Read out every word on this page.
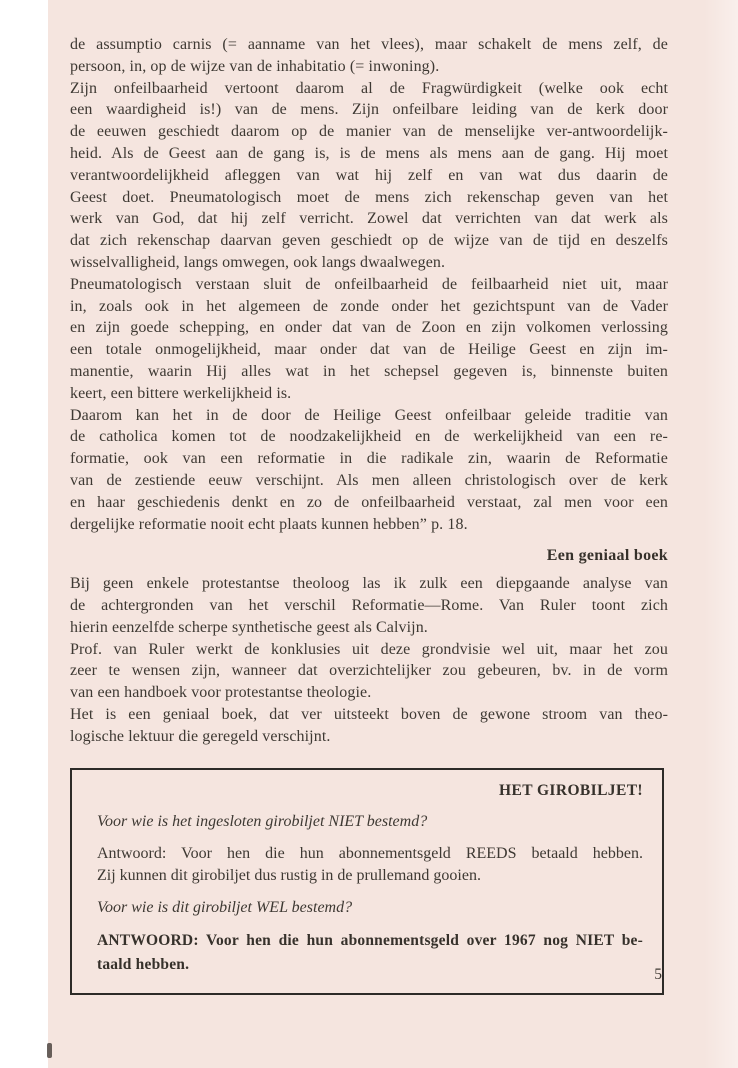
de assumptio carnis (= aanname van het vlees), maar schakelt de mens zelf, de
persoon, in, op de wijze van de inhabitatio (= inwoning).
Zijn onfeilbaarheid vertoont daarom al de Fragwürdigkeit (welke ook echt
een waardigheid is!) van de mens. Zijn onfeilbare leiding van de kerk door
de eeuwen geschiedt daarom op de manier van de menselijke ver-antwoordelijk-
heid. Als de Geest aan de gang is, is de mens als mens aan de gang. Hij moet
verantwoordelijkheid afleggen van wat hij zelf en van wat dus daarin de
Geest doet. Pneumatologisch moet de mens zich rekenschap geven van het
werk van God, dat hij zelf verricht. Zowel dat verrichten van dat werk als
dat zich rekenschap daarvan geven geschiedt op de wijze van de tijd en deszelfs
wisselvalligheid, langs omwegen, ook langs dwaalwegen.
Pneumatologisch verstaan sluit de onfeilbaarheid de feilbaarheid niet uit, maar
in, zoals ook in het algemeen de zonde onder het gezichtspunt van de Vader
en zijn goede schepping, en onder dat van de Zoon en zijn volkomen verlossing
een totale onmogelijkheid, maar onder dat van de Heilige Geest en zijn im-
manentie, waarin Hij alles wat in het schepsel gegeven is, binnenste buiten
keert, een bittere werkelijkheid is.
Daarom kan het in de door de Heilige Geest onfeilbaar geleide traditie van
de catholica komen tot de noodzakelijkheid en de werkelijkheid van een re-
formatie, ook van een reformatie in die radikale zin, waarin de Reformatie
van de zestiende eeuw verschijnt. Als men alleen christologisch over de kerk
en haar geschiedenis denkt en zo de onfeilbaarheid verstaat, zal men voor een
dergelijke reformatie nooit echt plaats kunnen hebben” p. 18.
Een geniaal boek
Bij geen enkele protestantse theoloog las ik zulk een diepgaande analyse van
de achtergronden van het verschil Reformatie—Rome. Van Ruler toont zich
hierin eenzelfde scherpe synthetische geest als Calvijn.
Prof. van Ruler werkt de konklusies uit deze grondvisie wel uit, maar het zou
zeer te wensen zijn, wanneer dat overzichtelijker zou gebeuren, bv. in de vorm
van een handboek voor protestantse theologie.
Het is een geniaal boek, dat ver uitsteekt boven de gewone stroom van theo-
logische lektuur die geregeld verschijnt.
HET GIROBILJET!
Voor wie is het ingesloten girobiljet NIET bestemd?
Antwoord: Voor hen die hun abonnementsgeld REEDS betaald hebben.
Zij kunnen dit girobiljet dus rustig in de prullemand gooien.
Voor wie is dit girobiljet WEL bestemd?
ANTWOORD: Voor hen die hun abonnementsgeld over 1967 nog NIET be-
taald hebben.
5
